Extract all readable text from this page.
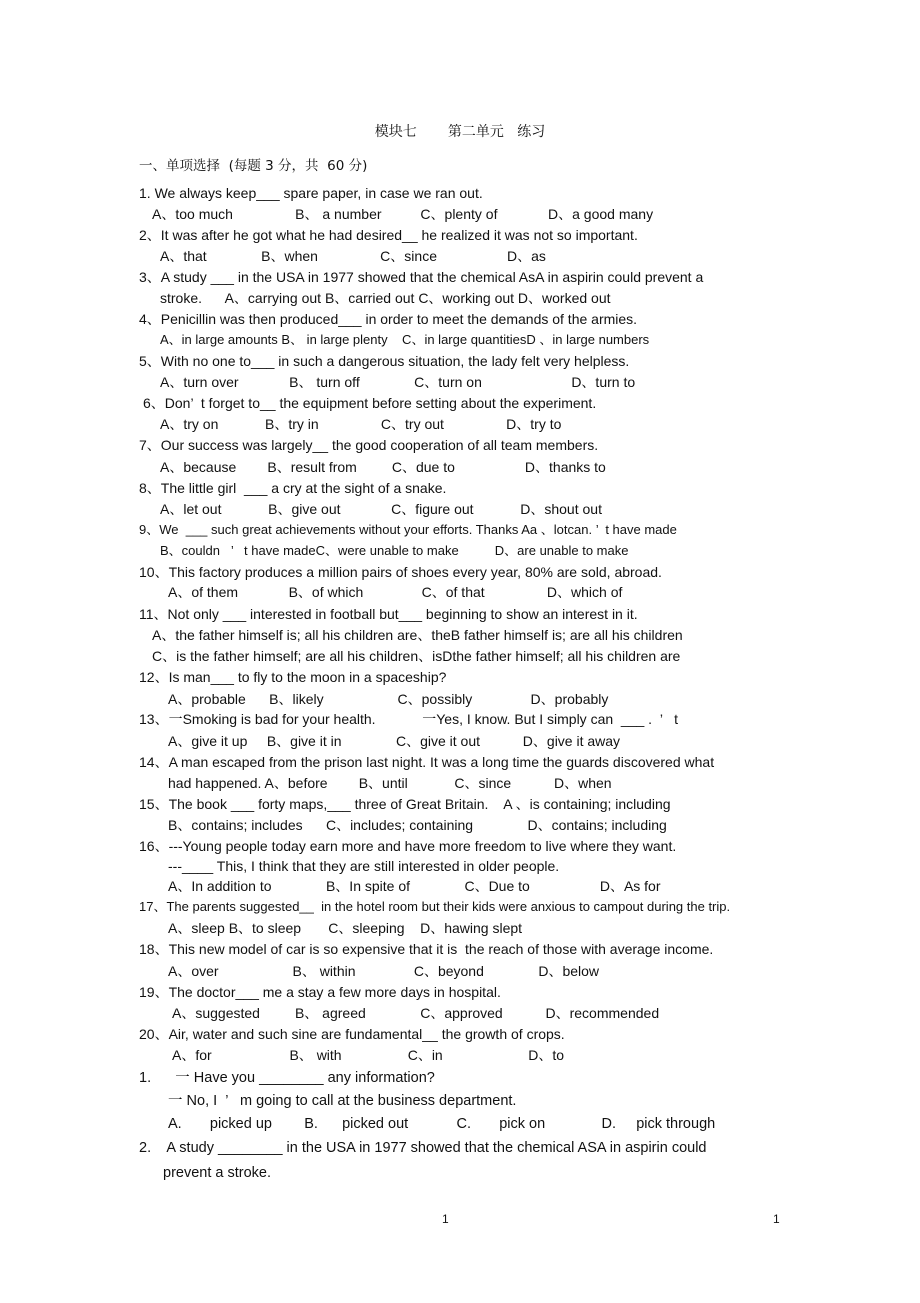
模块七       第二单元   练习
一、单项选择  (每题 3 分，共  60 分)
1. We always keep___ spare paper, in case we ran out.
A、too much                B、 a number          C、plenty of             D、a good many
2、It was after he got what he had desired__ he realized it was not so important.
A、that              B、when                C、since                  D、as
3、A study ___ in the USA in 1977 showed that the chemical AsA in aspirin could prevent a
stroke.      A、carrying out B、carried out C、working out D、worked out
4、Penicillin was then produced___ in order to meet the demands of the armies.
A、in large amounts B、 in large plenty    C、in large quantitiesD 、in large numbers
5、With no one to___ in such a dangerous situation, the lady felt very helpless.
A、turn over             B、 turn off              C、turn on                       D、turn to
6、Don’  t forget to__ the equipment before setting about the experiment.
A、try on            B、try in                C、try out                D、try to
7、Our success was largely__ the good cooperation of all team members.
A、because        B、result from         C、due to                  D、thanks to
8、The little girl  ___ a cry at the sight of a snake.
A、let out            B、give out             C、figure out            D、shout out
9、We  ___ such great achievements without your efforts. Thanks Aa 、lotcan. ’  t have made
B、couldn   ’   t have madeC、were unable to make          D、are unable to make
10、This factory produces a million pairs of shoes every year, 80% are sold, abroad.
A、of them             B、of which               C、of that                D、which of
11、Not only ___ interested in football but___ beginning to show an interest in it.
A、the father himself is; all his children are、theB father himself is; are all his children
C、is the father himself; are all his children、isDthe father himself; all his children are
12、Is man___ to fly to the moon in a spaceship?
A、probable      B、likely                   C、possibly               D、probably
13、一Smoking is bad for your health.            一Yes, I know. But I simply can  ___ .  ’   t
A、give it up     B、give it in              C、give it out           D、give it away
14、A man escaped from the prison last night. It was a long time the guards discovered what
had happened. A、before        B、until            C、since           D、when
15、The book ___ forty maps,___ three of Great Britain.    A 、is containing; including
B、contains; includes      C、includes; containing              D、contains; including
16、---Young people today earn more and have more freedom to live where they want.
---____ This, I think that they are still interested in older people.
A、In addition to              B、In spite of              C、Due to                  D、As for
17、The parents suggested__  in the hotel room but their kids were anxious to campout during the trip.
A、sleep B、to sleep       C、sleeping    D、hawing slept
18、This new model of car is so expensive that it is  the reach of those with average income.
A、over                   B、 within               C、beyond              D、below
19、The doctor___ me a stay a few more days in hospital.
A、suggested         B、 agreed              C、approved           D、recommended
20、Air, water and such sine are fundamental__ the growth of crops.
A、for                    B、 with                 C、in                      D、to
1.      一 Have you ________ any information?
一 No, I  ’   m going to call at the business department.
A.       picked up        B.      picked out            C.       pick on              D.     pick through
2.    A study ________ in the USA in 1977 showed that the chemical ASA in aspirin could
prevent a stroke.
1	1
